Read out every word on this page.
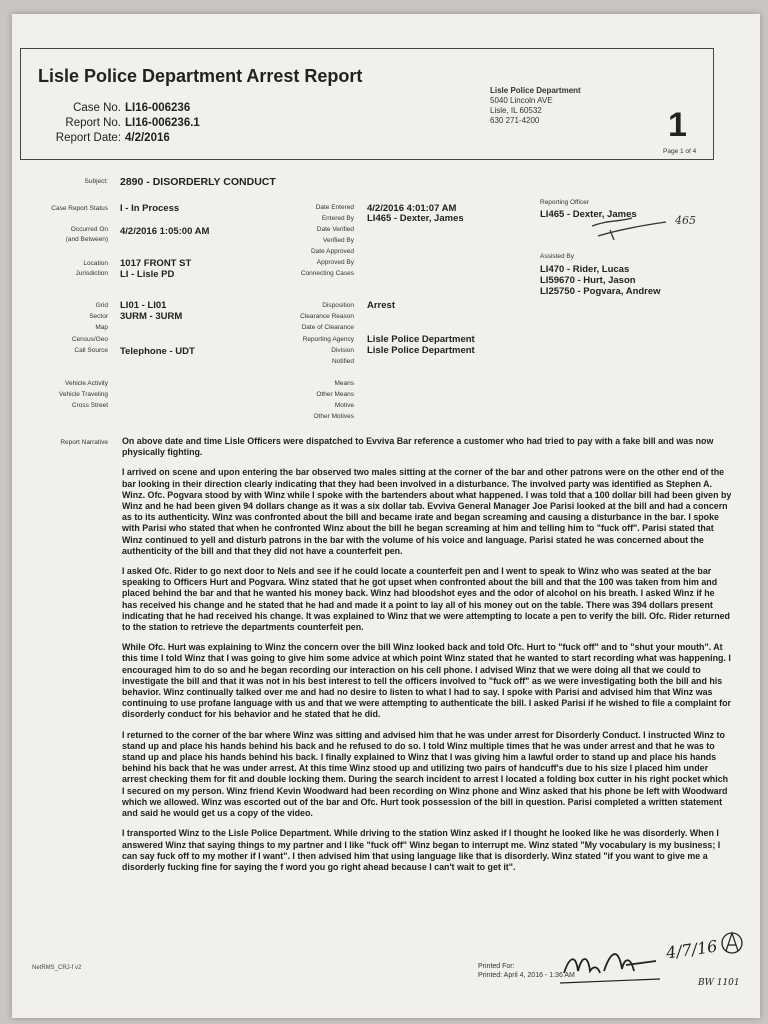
Lisle Police Department Arrest Report
Case No. LI16-006236
Report No. LI16-006236.1
Report Date: 4/2/2016
Lisle Police Department
5040 Lincoln AVE
Lisle, IL 60532
630 271-4200	1
Page 1 of 4
Subject: 2890 - DISORDERLY CONDUCT
Case Report Status I - In Process
Occurred On
(and Between)
4/2/2016 1:05:00 AM
Location 1017 FRONT ST
Jurisdiction LI - Lisle PD
Grid LI01 - LI01
Sector 3URM - 3URM
Map
Census/Geo
Call Source Telephone - UDT
Vehicle Activity
Vehicle Traveling
Cross Street
Date Entered 4/2/2016 4:01:07 AM
Entered By LI465 - Dexter, James
Date Verified
Verified By
Date Approved
Approved By
Connecting Cases
Disposition Arrest
Clearance Reason
Date of Clearance
Reporting Agency Lisle Police Department
Division Lisle Police Department
Notified
Means
Other Means
Motive
Other Motives
Reporting Officer
LI465 - Dexter, James	465
Assisted By
LI470 - Rider, Lucas
LI59670 - Hurt, Jason
LI25750 - Pogvara, Andrew
Report Narrative On above date and time Lisle Officers were dispatched to Evviva Bar reference a customer who had tried to pay with a fake bill and was now physically fighting.

I arrived on scene and upon entering the bar observed two males sitting at the corner of the bar and other patrons were on the other end of the bar looking in their direction clearly indicating that they had been involved in a disturbance. The involved party was identified as Stephen A. Winz. Ofc. Pogvara stood by with Winz while I spoke with the bartenders about what happened. I was told that a 100 dollar bill had been given by Winz and he had been given 94 dollars change as it was a six dollar tab. Evviva General Manager Joe Parisi looked at the bill and had a concern as to its authenticity. Winz was confronted about the bill and became irate and began screaming and causing a disturbance in the bar. I spoke with Parisi who stated that when he confronted Winz about the bill he began screaming at him and telling him to "fuck off". Parisi stated that Winz continued to yell and disturb patrons in the bar with the volume of his voice and language. Parisi stated he was concerned about the authenticity of the bill and that they did not have a counterfeit pen.

I asked Ofc. Rider to go next door to Nels and see if he could locate a counterfeit pen and I went to speak to Winz who was seated at the bar speaking to Officers Hurt and Pogvara. Winz stated that he got upset when confronted about the bill and that the 100 was taken from him and placed behind the bar and that he wanted his money back. Winz had bloodshot eyes and the odor of alcohol on his breath. I asked Winz if he has received his change and he stated that he had and made it a point to lay all of his money out on the table. There was 394 dollars present indicating that he had received his change. It was explained to Winz that we were attempting to locate a pen to verify the bill. Ofc. Rider returned to the station to retrieve the departments counterfeit pen.

While Ofc. Hurt was explaining to Winz the concern over the bill Winz looked back and told Ofc. Hurt to "fuck off" and to "shut your mouth". At this time I told Winz that I was going to give him some advice at which point Winz stated that he wanted to start recording what was happening. I encouraged him to do so and he began recording our interaction on his cell phone. I advised Winz that we were doing all that we could to investigate the bill and that it was not in his best interest to tell the officers involved to "fuck off" as we were investigating both the bill and his behavior. Winz continually talked over me and had no desire to listen to what I had to say. I spoke with Parisi and advised him that Winz was continuing to use profane language with us and that we were attempting to authenticate the bill. I asked Parisi if he wished to file a complaint for disorderly conduct for his behavior and he stated that he did.

I returned to the corner of the bar where Winz was sitting and advised him that he was under arrest for Disorderly Conduct. I instructed Winz to stand up and place his hands behind his back and he refused to do so. I told Winz multiple times that he was under arrest and that he was to stand up and place his hands behind his back. I finally explained to Winz that I was giving him a lawful order to stand up and place his hands behind his back that he was under arrest. At this time Winz stood up and utilizing two pairs of handcuff's due to his size I placed him under arrest checking them for fit and double locking them. During the search incident to arrest I located a folding box cutter in his right pocket which I secured on my person. Winz friend Kevin Woodward had been recording on Winz phone and Winz asked that his phone be left with Woodward which we allowed. Winz was escorted out of the bar and Ofc. Hurt took possession of the bill in question. Parisi completed a written statement and said he would get us a copy of the video.

I transported Winz to the Lisle Police Department. While driving to the station Winz asked if I thought he looked like he was disorderly. When I answered Winz that saying things to my partner and I like "fuck off" Winz began to interrupt me. Winz stated "My vocabulary is my business; I can say fuck off to my mother if I want". I then advised him that using language like that is disorderly. Winz stated "if you want to give me a disorderly fucking fine for saying the f word you go right ahead because I can't wait to get it".

NetRMS_CRJ-f v2	Printed For:
Printed: April 4, 2016 - 1:36 AM
4/7/16
BW 1101
